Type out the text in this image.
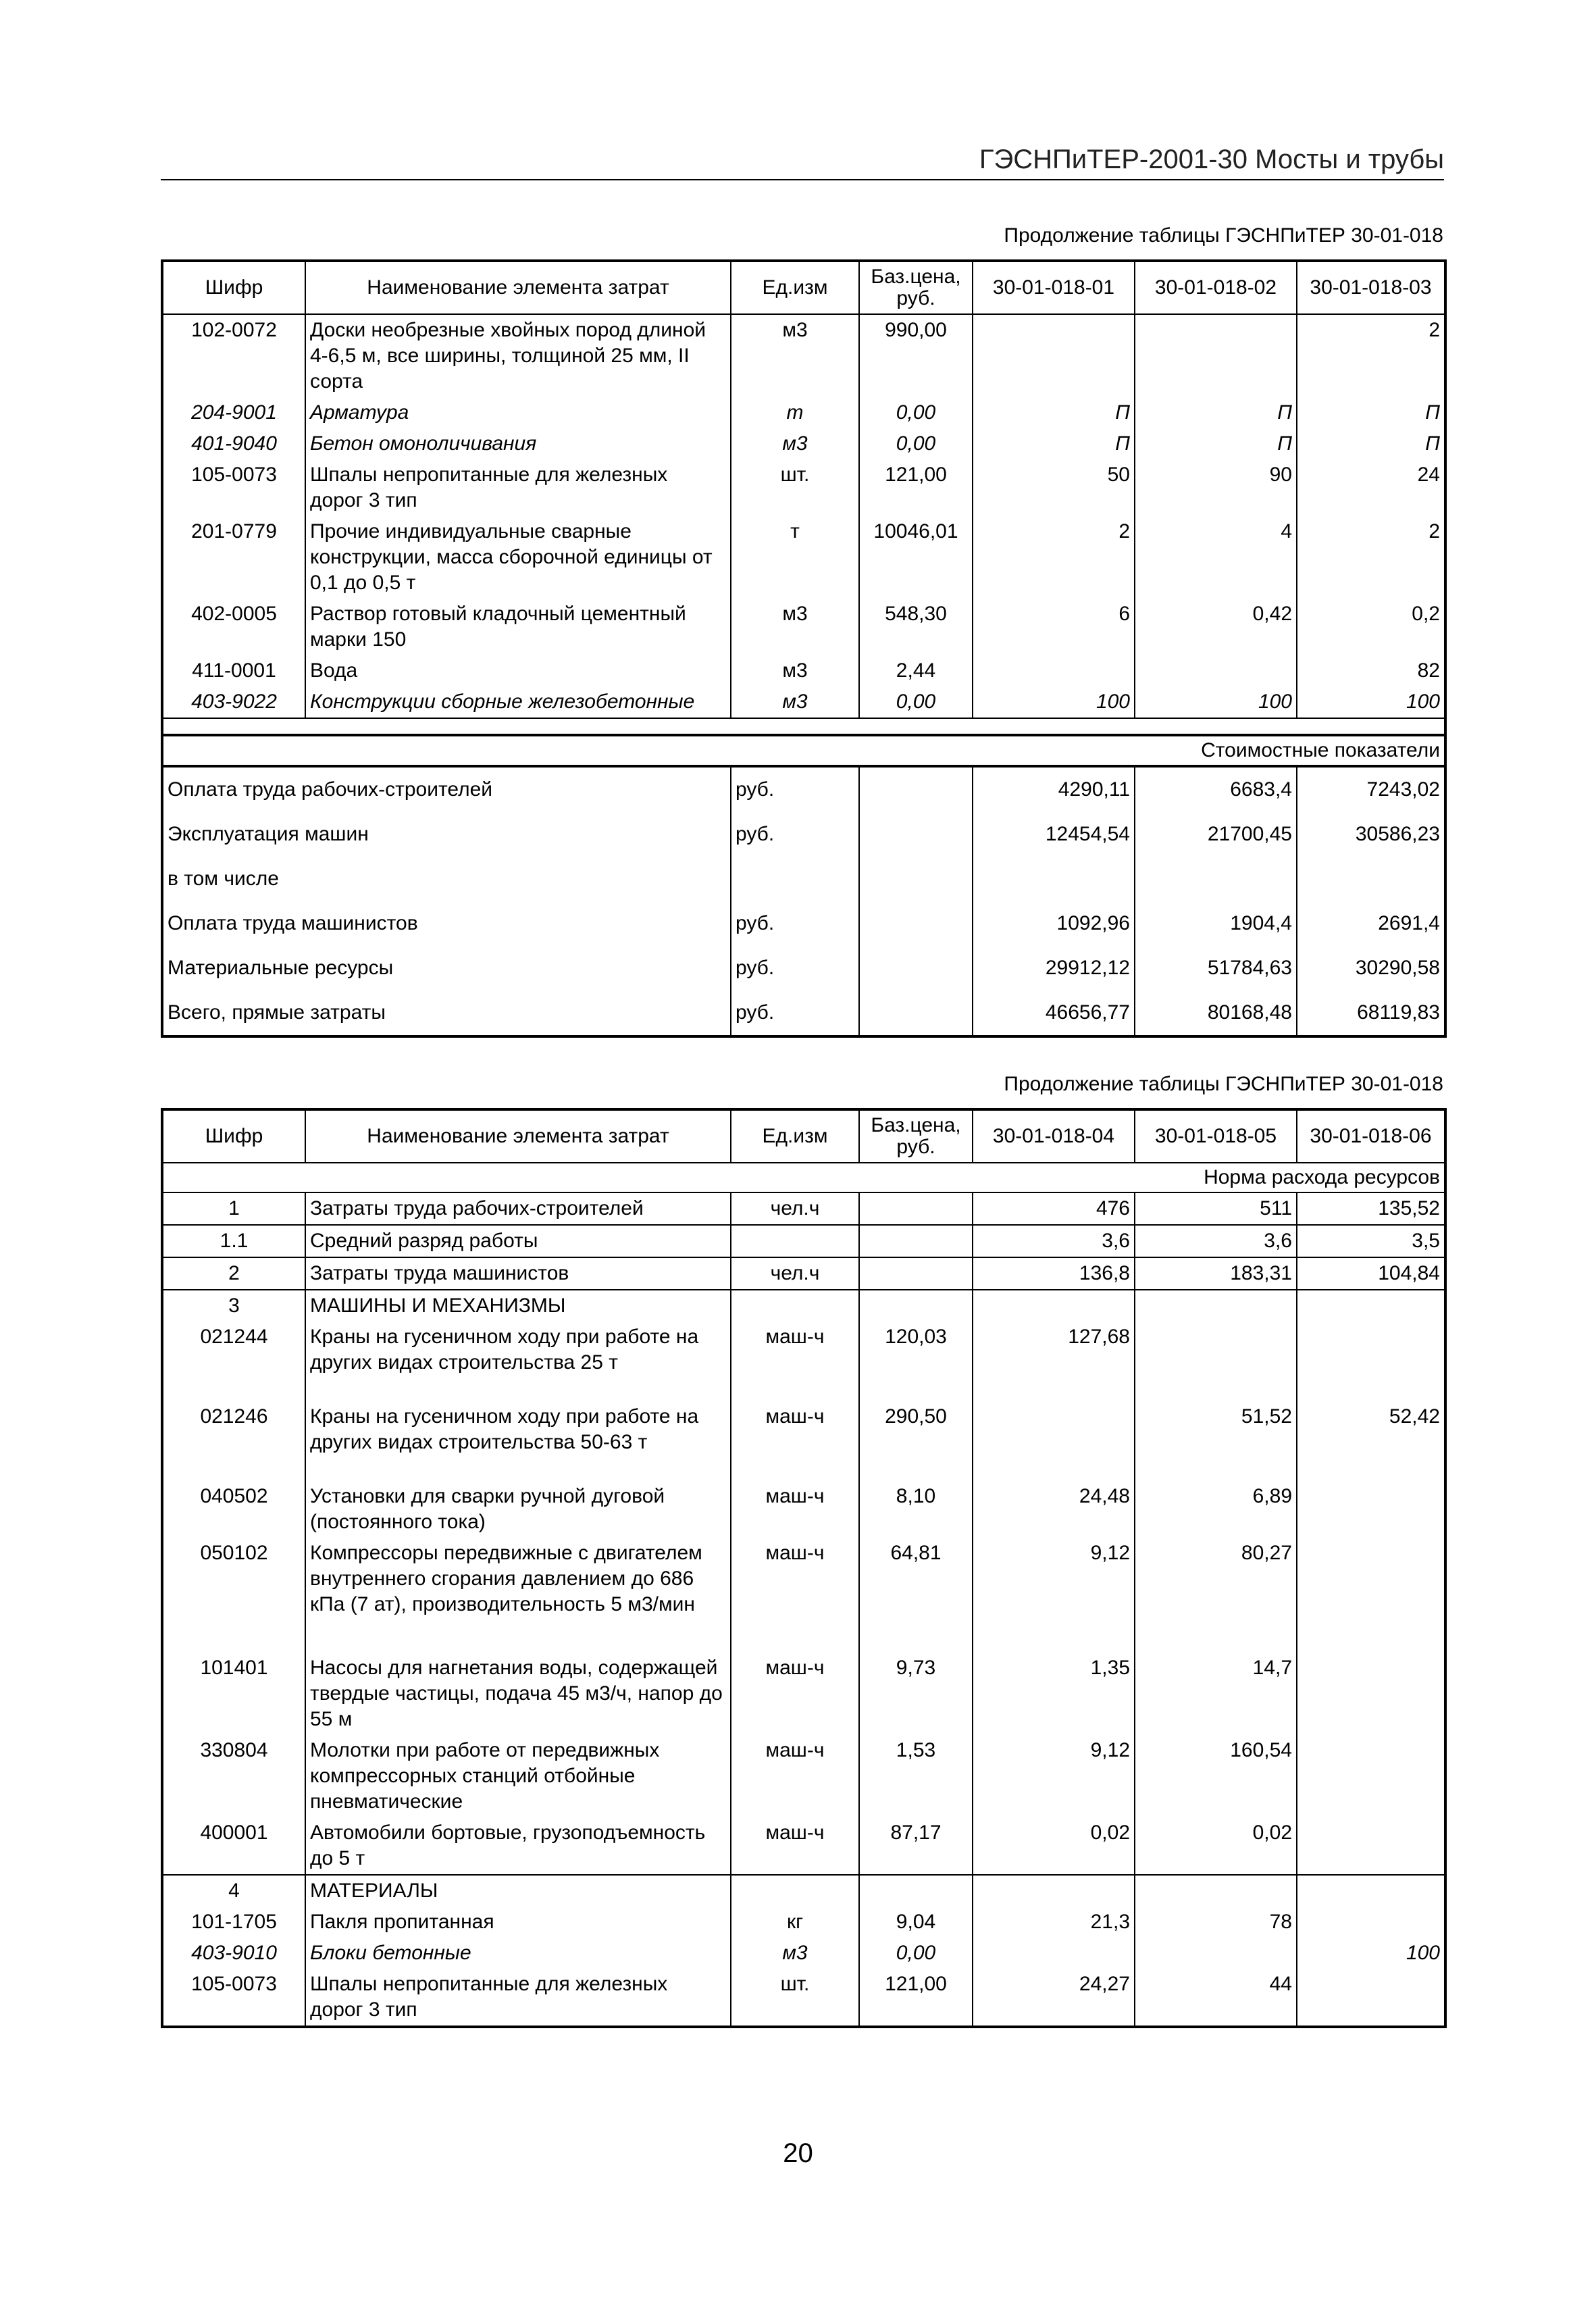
ГЭСНПиТЕР-2001-30 Мосты и трубы
Продолжение таблицы ГЭСНПиТЕР 30-01-018
Шифр	Наименование элемента затрат	Ед.изм	Баз.цена, руб.	30-01-018-01	30-01-018-02	30-01-018-03
102-0072	Доски необрезные хвойных пород длиной 4-6,5 м, все ширины, толщиной 25 мм, II сорта	м3	990,00			2
204-9001	Арматура	т	0,00	П	П	П
401-9040	Бетон омоноличивания	м3	0,00	П	П	П
105-0073	Шпалы непропитанные для железных дорог 3 тип	шт.	121,00	50	90	24
201-0779	Прочие индивидуальные сварные конструкции, масса сборочной единицы от 0,1 до 0,5 т	т	10046,01	2	4	2
402-0005	Раствор готовый кладочный цементный марки 150	м3	548,30	6	0,42	0,2
411-0001	Вода	м3	2,44			82
403-9022	Конструкции сборные железобетонные	м3	0,00	100	100	100

Стоимостные показатели						
Оплата труда рабочих-строителей		руб.		4290,11	6683,4	7243,02
Эксплуатация машин		руб.		12454,54	21700,45	30586,23
в том числе						
Оплата труда машинистов		руб.		1092,96	1904,4	2691,4
Материальные ресурсы		руб.		29912,12	51784,63	30290,58
Всего, прямые затраты		руб.		46656,77	80168,48	68119,83
Продолжение таблицы ГЭСНПиТЕР 30-01-018
Шифр	Наименование элемента затрат	Ед.изм	Баз.цена, руб.	30-01-018-04	30-01-018-05	30-01-018-06
Норма расхода ресурсов						
1	Затраты труда рабочих-строителей	чел.ч		476	511	135,52
1.1	Средний разряд работы			3,6	3,6	3,5
2	Затраты труда машинистов	чел.ч		136,8	183,31	104,84
3	МАШИНЫ И МЕХАНИЗМЫ					
021244	Краны на гусеничном ходу при работе на других видах строительства 25 т	маш-ч	120,03	127,68		
021246	Краны на гусеничном ходу при работе на других видах строительства 50-63 т	маш-ч	290,50		51,52	52,42
040502	Установки для сварки ручной дуговой (постоянного тока)	маш-ч	8,10	24,48	6,89	
050102	Компрессоры передвижные с двигателем внутреннего сгорания давлением до 686 кПа (7 ат), производительность 5 м3/мин	маш-ч	64,81	9,12	80,27	
101401	Насосы для нагнетания воды, содержащей твердые частицы, подача 45 м3/ч, напор до 55 м	маш-ч	9,73	1,35	14,7	
330804	Молотки при работе от передвижных компрессорных станций отбойные пневматические	маш-ч	1,53	9,12	160,54	
400001	Автомобили бортовые, грузоподъемность до 5 т	маш-ч	87,17	0,02	0,02	
4	МАТЕРИАЛЫ					
101-1705	Пакля пропитанная	кг	9,04	21,3	78	
403-9010	Блоки бетонные	м3	0,00			100
105-0073	Шпалы непропитанные для железных дорог 3 тип	шт.	121,00	24,27	44	
20
